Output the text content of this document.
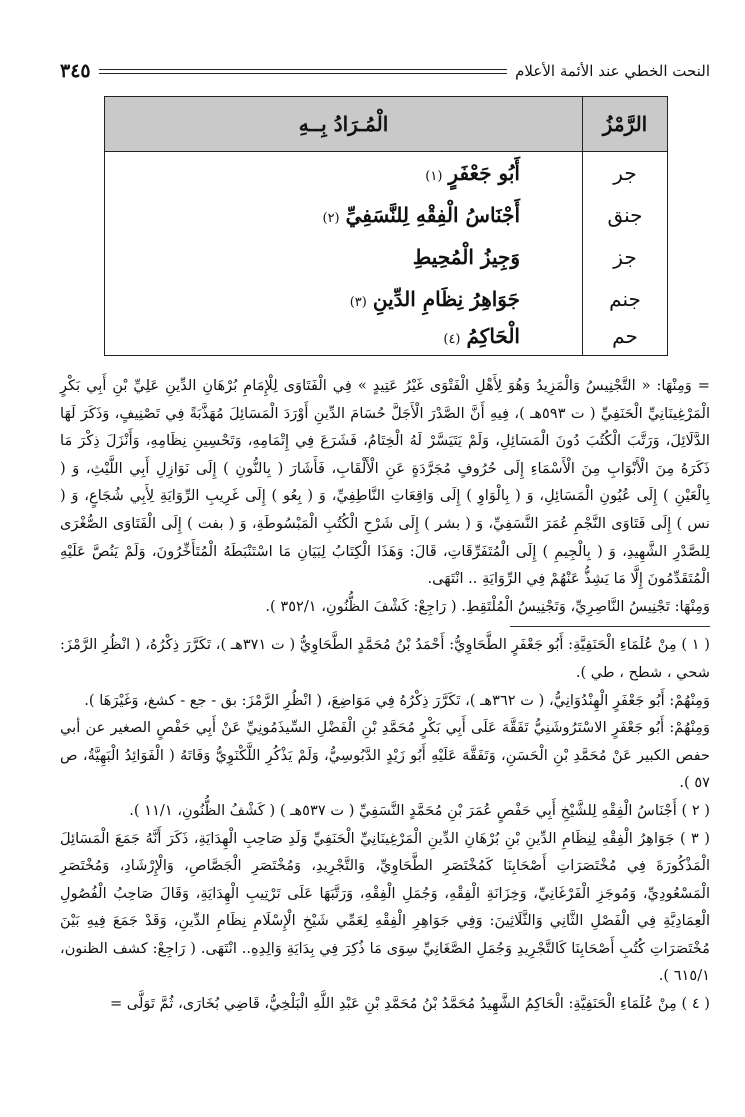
النحت الخطي عند الأئمة الأعلام
٣٤٥
الرَّمْزُ	الْمُـرَادُ بِــهِ
جر	أَبُو جَعْفَرٍ(١)
جنق	أَجْنَاسُ الْفِقْهِ لِلنَّسَفِيِّ(٢)
جز	وَجِيزُ الْمُحِيطِ
جنم	جَوَاهِرُ نِظَامِ الدِّينِ(٣)
حم	الْحَاكِمُ(٤)

= وَمِنْهَا: « التَّجْنِيسُ وَالْمَزِيدُ وَهُوَ لِأَهْلِ الْفَتْوَى غَيْرُ عَتِيدٍ » فِي الْفَتَاوَى لِلْإِمَامِ بُرْهَانِ الدِّينِ عَلِيِّ بْنِ أَبِي بَكْرٍ الْمَرْغِينَانِيِّ الْحَنَفِيِّ ( ت ٥٩٣هـ )، فِيهِ أَنَّ الصَّدْرَ الْأَجَلَّ حُسَامَ الدِّينِ أَوْرَدَ الْمَسَائِلَ مُهَذَّبَةً فِي تَصْنِيفٍ، وَذَكَرَ لَهَا الدَّلَائِلَ، وَرَتَّبَ الْكُتُبَ دُونَ الْمَسَائِلِ، وَلَمْ يَتَيَسَّرْ لَهُ الْخِتَامُ، فَشَرَعَ فِي إِتْمَامِهِ، وَتَحْسِينِ نِظَامِهِ، وَأَنْزَلَ ذِكْرَ مَا ذَكَرَهُ مِنَ الْأَبْوَابِ مِنَ الْأَسْمَاءِ إِلَى حُرُوفٍ مُجَرَّدَةٍ عَنِ الْأَلْقَابِ، فَأَشَارَ ( بِالنُّونِ ) إِلَى نَوَازِلِ أَبِي اللَّيْثِ، وَ ( بِالْعَيْنِ ) إِلَى عُيُونِ الْمَسَائِلِ، وَ ( بِالْوَاوِ ) إِلَى وَاقِعَاتِ النَّاطِفِيِّ، وَ ( بِعُو ) إِلَى غَرِيبِ الرِّوَايَةِ لِأَبِي شُجَاعٍ، وَ ( نس ) إِلَى فَتَاوَى النَّجْمِ عُمَرَ النَّسَفِيِّ، وَ ( بشر ) إِلَى شَرْحِ الْكُتُبِ الْمَبْسُوطَةِ، وَ ( بفت ) إِلَى الْفَتَاوَى الصُّغْرَى لِلصَّدْرِ الشَّهِيدِ، وَ ( بِالْجِيمِ ) إِلَى الْمُتَفَرِّقَاتِ، قَالَ: وَهَذَا الْكِتَابُ لِبَيَانِ مَا اسْتَنْبَطَهُ الْمُتَأَخِّرُونَ، وَلَمْ يَنُصَّ عَلَيْهِ الْمُتَقَدِّمُونَ إِلَّا مَا يَشِذُّ عَنْهُمْ فِي الرِّوَايَةِ .. انْتَهَى.

وَمِنْهَا: تَجْنِيسُ النَّاصِرِيِّ، وَتَجْنِيسُ الْمُلْتَقِطِ. ( رَاجِعْ: كَشْفَ الظُّنُونِ، ٣٥٢/١ ).

( ١ ) مِنْ عُلَمَاءِ الْحَنَفِيَّةِ: أَبُو جَعْفَرٍ الطَّحَاوِيُّ: أَحْمَدُ بْنُ مُحَمَّدٍ الطَّحَاوِيُّ ( ت ٣٧١هـ )، تَكَرَّرَ ذِكْرُهُ، ( انْظُرِ الرَّمْزَ: شحي ، شطح ، طي ).

وَمِنْهُمْ: أَبُو جَعْفَرٍ الْهِنْدُوَانِيُّ، ( ت ٣٦٢هـ )، تَكَرَّرَ ذِكْرُهُ فِي مَوَاضِعَ، ( انْظُرِ الرَّمْزَ: بق - جع - كشغ، وَغَيْرَهَا ).

وَمِنْهُمْ: أَبُو جَعْفَرٍ الاسْتَرُوشَنِيُّ تَفَقَّهَ عَلَى أَبِي بَكْرٍ مُحَمَّدِ بْنِ الْفَضْلِ السِّيذَمُونِيِّ عَنْ أَبِي حَفْصٍ الصغير عن أبي حفص الكبير عَنْ مُحَمَّدِ بْنِ الْحَسَنِ، وَتَفَقَّهَ عَلَيْهِ أَبُو زَيْدٍ الدَّبُوسِيُّ، وَلَمْ يَذْكُرِ اللَّكْنَوِيُّ وَفَاتَهُ ( الْفَوَائِدُ الْبَهِيَّةُ، ص ٥٧ ).

( ٢ ) أَجْنَاسُ الْفِقْهِ لِلشَّيْخِ أَبِي حَفْصٍ عُمَرَ بْنِ مُحَمَّدٍ النَّسَفِيِّ ( ت ٥٣٧هـ ) ( كَشْفُ الظُّنُونِ، ١١/١ ).

( ٣ ) جَوَاهِرُ الْفِقْهِ لِنِظَامِ الدِّينِ بْنِ بُرْهَانِ الدِّينِ الْمَرْغِينَانِيِّ الْحَنَفِيِّ وَلَدِ صَاحِبِ الْهِدَايَةِ، ذَكَرَ أَنَّهُ جَمَعَ الْمَسَائِلَ الْمَذْكُورَةَ فِي مُخْتَصَرَاتِ أَصْحَابِنَا كَمُخْتَصَرِ الطَّحَاوِيِّ، وَالتَّجْرِيدِ، وَمُخْتَصَرِ الْجَصَّاصِ، وَالْإِرْشَادِ، وَمُخْتَصَرِ الْمَسْعُودِيِّ، وَمُوجَزِ الْفَرْغَانِيِّ، وَخِزَانَةِ الْفِقْهِ، وَجُمَلِ الْفِقْهِ، وَرَتَّبَهَا عَلَى تَرْتِيبِ الْهِدَايَةِ، وَقَالَ صَاحِبُ الْفُصُولِ الْعِمَادِيَّةِ فِي الْفَصْلِ الثَّانِي وَالثَّلَاثِينَ: وَفِي جَوَاهِرِ الْفِقْهِ لِعَمِّي شَيْخِ الْإِسْلَامِ نِظَامِ الدِّينِ، وَقَدْ جَمَعَ فِيهِ بَيْنَ مُخْتَصَرَاتِ كُتُبِ أَصْحَابِنَا كَالتَّجْرِيدِ وَجُمَلِ الصَّغَانِيِّ سِوَى مَا ذُكِرَ فِي بِدَايَةِ وَالِدِهِ.. انْتَهَى. ( رَاجِعْ: كشف الظنون، ٦١٥/١ ).

( ٤ ) مِنْ عُلَمَاءِ الْحَنَفِيَّةِ: الْحَاكِمُ الشَّهِيدُ مُحَمَّدُ بْنُ مُحَمَّدِ بْنِ عَبْدِ اللَّهِ الْبَلْخِيُّ، قَاضِي بُخَارَى، ثُمَّ تَوَلَّى =
